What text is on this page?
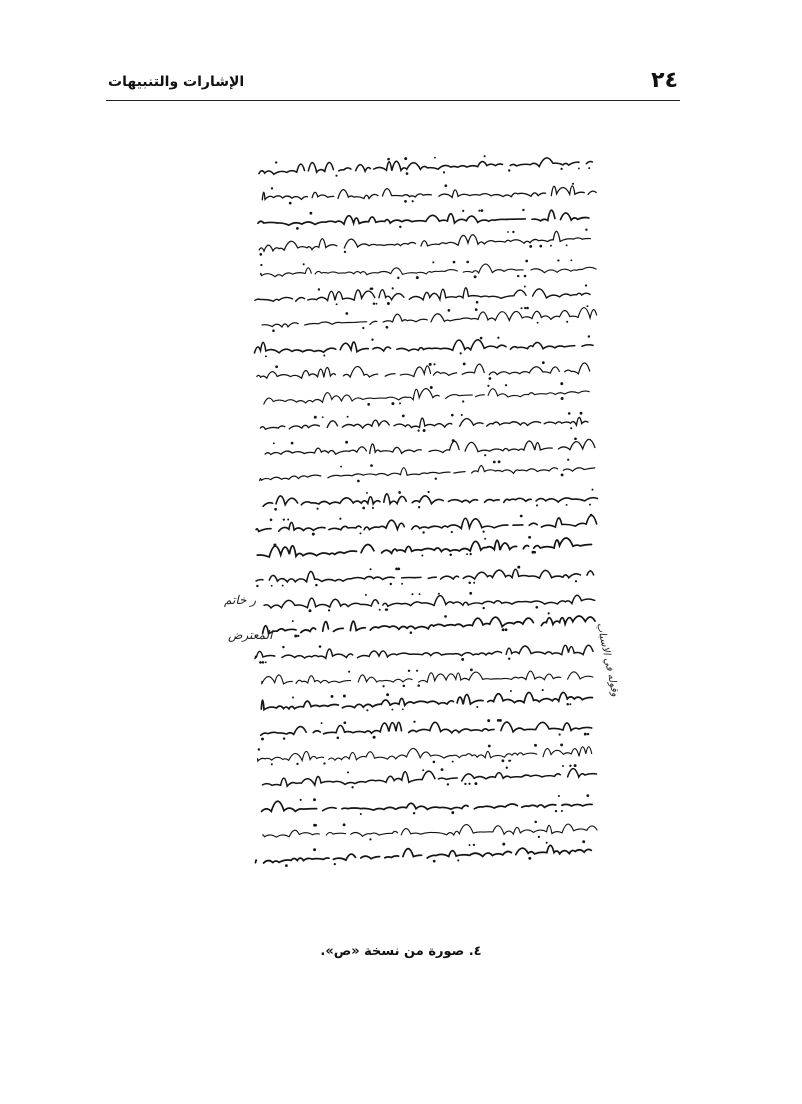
الإشارات والتنبيهات	٢٤
ر خاتم
المعترض	وقوله في الاسباب
٤. صورة من نسخة «ص».
